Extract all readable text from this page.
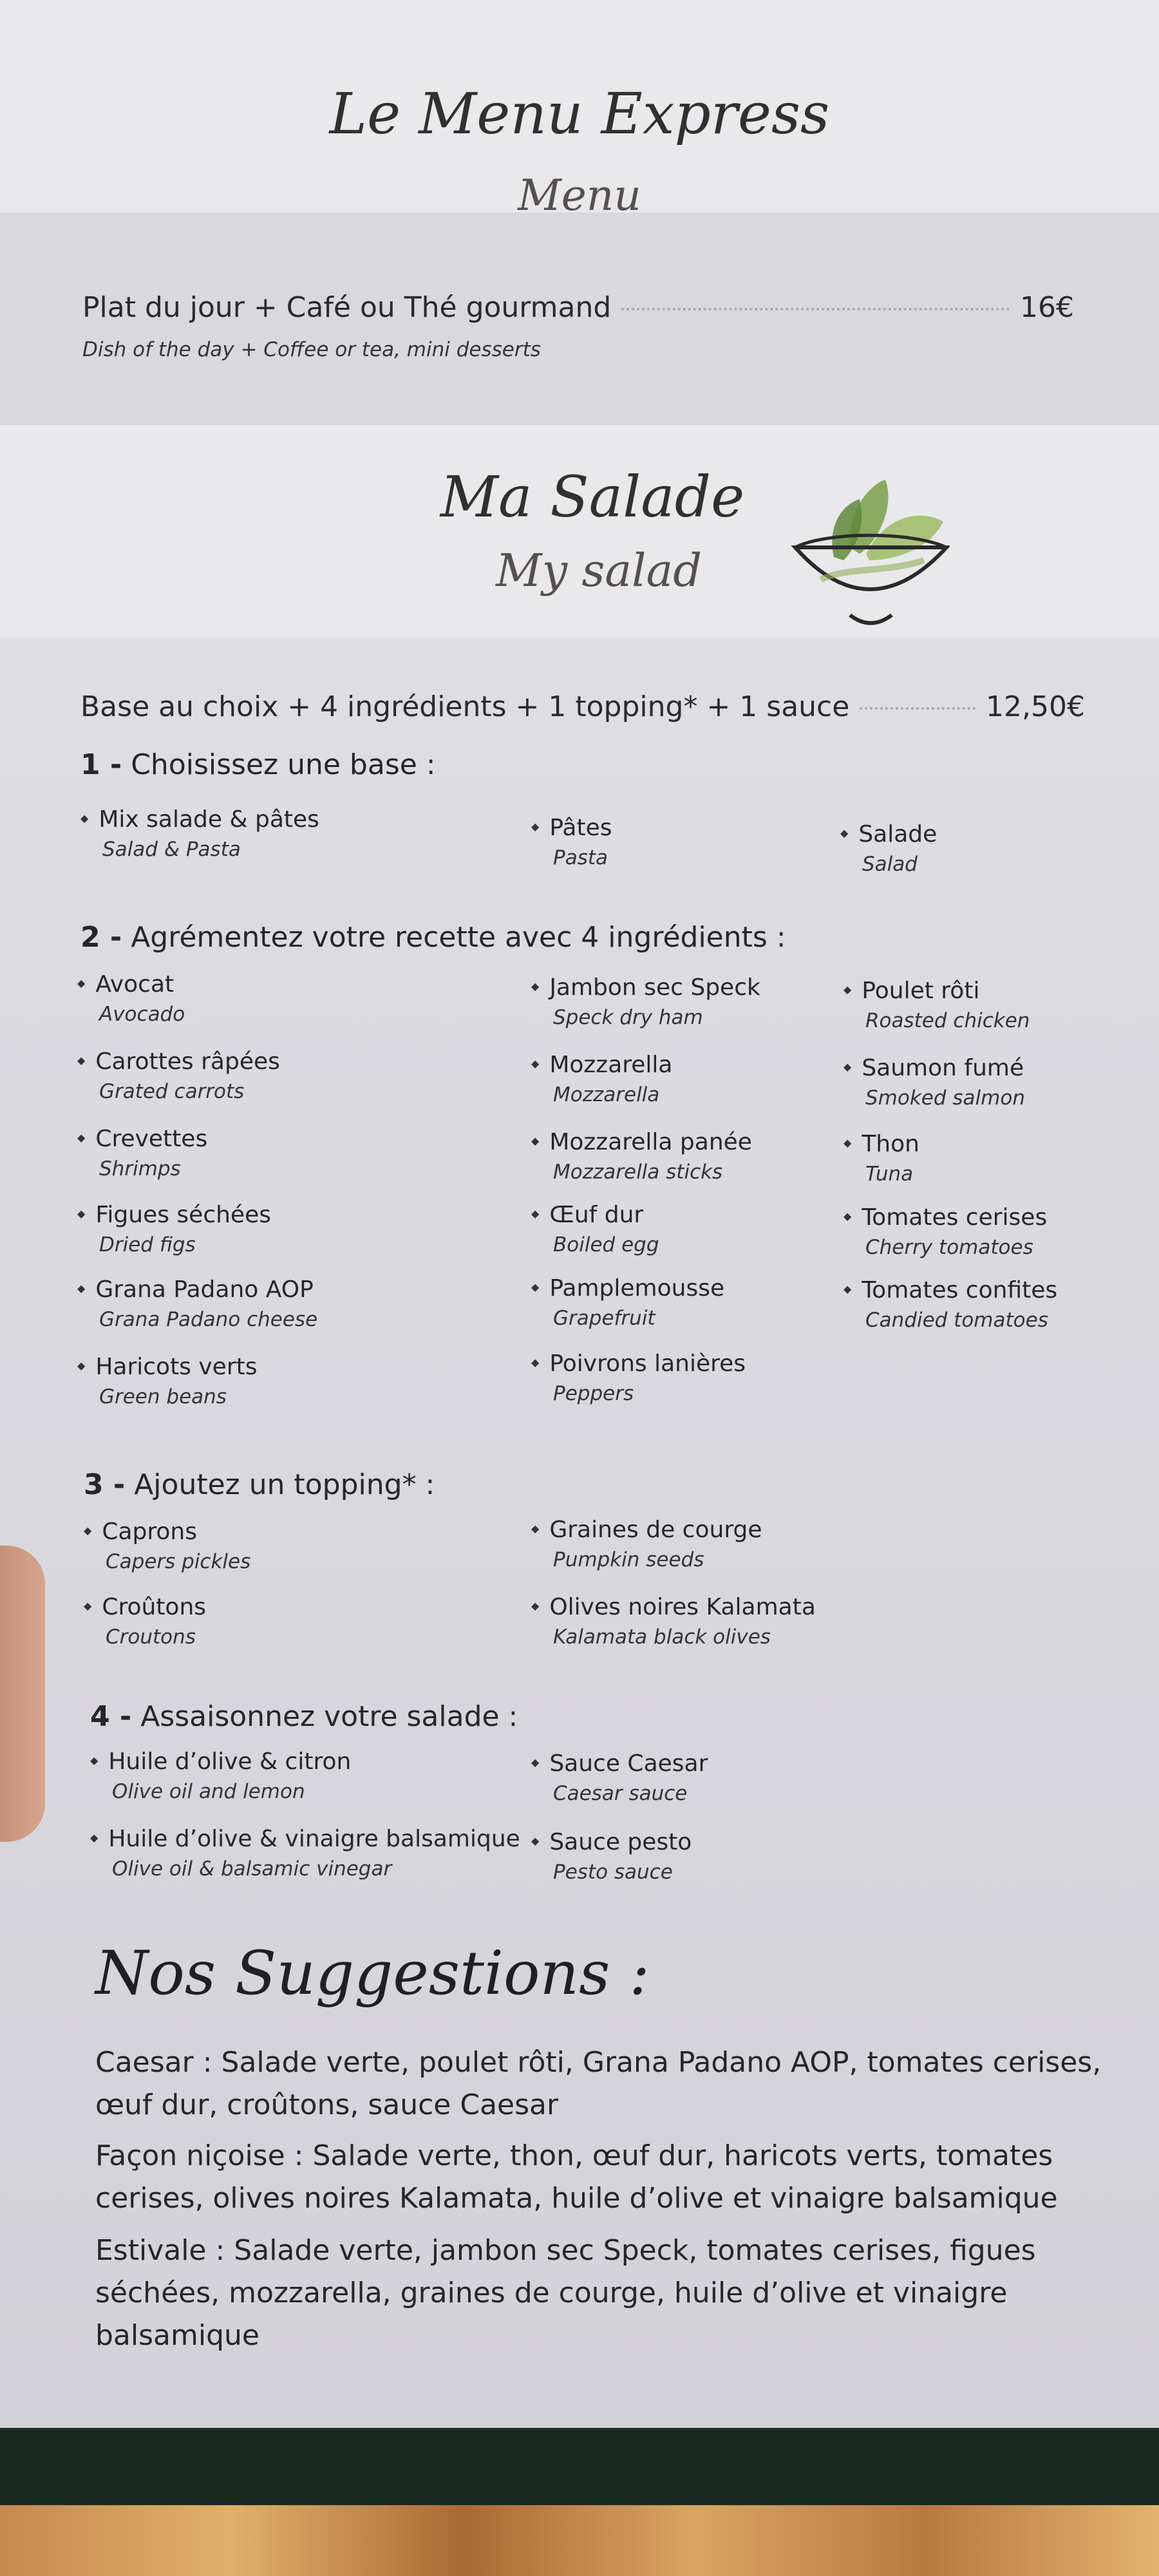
Le Menu Express
Menu
Plat du jour + Café ou Thé gourmand	16€
Dish of the day + Coffee or tea, mini desserts
Ma Salade
My salad
Base au choix + 4 ingrédients + 1 topping* + 1 sauce	12,50€
1 - Choisissez une base :
◆ Mix salade & pâtes
Salad & Pasta
◆ Pâtes
Pasta
◆ Salade
Salad
2 - Agrémentez votre recette avec 4 ingrédients :
◆ Avocat
Avocado
◆ Carottes râpées
Grated carrots
◆ Crevettes
Shrimps
◆ Figues séchées
Dried figs
◆ Grana Padano AOP
Grana Padano cheese
◆ Haricots verts
Green beans
◆ Jambon sec Speck
Speck dry ham
◆ Mozzarella
Mozzarella
◆ Mozzarella panée
Mozzarella sticks
◆ Œuf dur
Boiled egg
◆ Pamplemousse
Grapefruit
◆ Poivrons lanières
Peppers
◆ Poulet rôti
Roasted chicken
◆ Saumon fumé
Smoked salmon
◆ Thon
Tuna
◆ Tomates cerises
Cherry tomatoes
◆ Tomates confites
Candied tomatoes
3 - Ajoutez un topping* :
◆ Caprons
Capers pickles
◆ Croûtons
Croutons
◆ Graines de courge
Pumpkin seeds
◆ Olives noires Kalamata
Kalamata black olives
4 - Assaisonnez votre salade :
◆ Huile d’olive & citron
Olive oil and lemon
◆ Huile d’olive & vinaigre balsamique
Olive oil & balsamic vinegar
◆ Sauce Caesar
Caesar sauce
◆ Sauce pesto
Pesto sauce
Nos Suggestions :
Caesar : Salade verte, poulet rôti, Grana Padano AOP, tomates cerises, œuf dur, croûtons, sauce Caesar
Façon niçoise : Salade verte, thon, œuf dur, haricots verts, tomates cerises, olives noires Kalamata, huile d’olive et vinaigre balsamique
Estivale : Salade verte, jambon sec Speck, tomates cerises, figues séchées, mozzarella, graines de courge, huile d’olive et vinaigre balsamique
